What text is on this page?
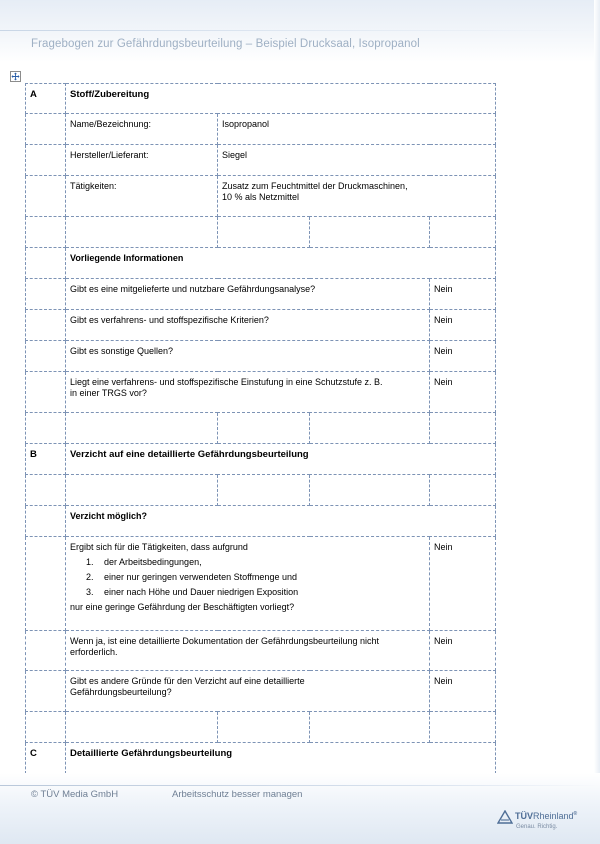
Fragebogen zur Gefährdungsbeurteilung – Beispiel Drucksaal, Isopropanol
A	Stoff/Zubereitung			
	Name/Bezeichnung:	Isopropanol		
	Hersteller/Lieferant:	Siegel		
	Tätigkeiten:	Zusatz zum Feuchtmittel der Druckmaschinen,
10 % als Netzmittel		

	Vorliegende Informationen			
	Gibt es eine mitgelieferte und nutzbare Gefährdungsanalyse?			Nein
	Gibt es verfahrens- und stoffspezifische Kriterien?			Nein
	Gibt es sonstige Quellen?			Nein
	Liegt eine verfahrens- und stoffspezifische Einstufung in eine Schutzstufe z. B.
in einer TRGS vor?			Nein

B	Verzicht auf eine detaillierte Gefährdungsbeurteilung			

	Verzicht möglich?			
	Ergibt sich für die Tätigkeiten, dass aufgrund
1. der Arbeitsbedingungen,
2. einer nur geringen verwendeten Stoffmenge und
3. einer nach Höhe und Dauer niedrigen Exposition
nur eine geringe Gefährdung der Beschäftigten vorliegt?			Nein
	Wenn ja, ist eine detaillierte Dokumentation der Gefährdungsbeurteilung nicht
erforderlich.			Nein
	Gibt es andere Gründe für den Verzicht auf eine detaillierte
Gefährdungsbeurteilung?			Nein

C	Detaillierte Gefährdungsbeurteilung			
© TÜV Media GmbH	Arbeitsschutz besser managen
TÜVRheinland®
Genau. Richtig.
